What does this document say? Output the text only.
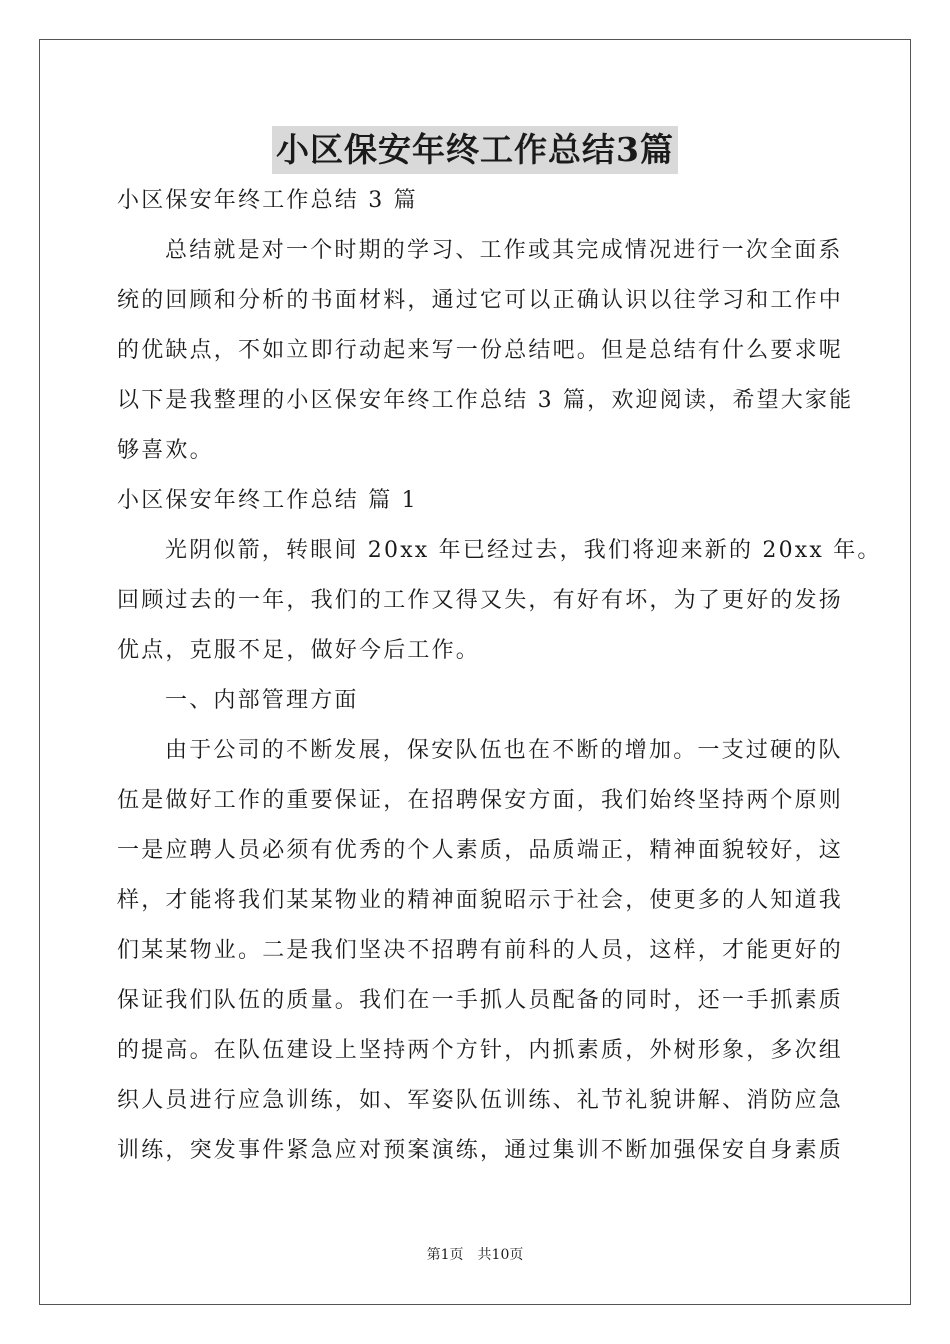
小区保安年终工作总结3篇
小区保安年终工作总结 3 篇
总结就是对一个时期的学习、工作或其完成情况进行一次全面系
统的回顾和分析的书面材料，通过它可以正确认识以往学习和工作中
的优缺点，不如立即行动起来写一份总结吧。但是总结有什么要求呢
以下是我整理的小区保安年终工作总结 3 篇，欢迎阅读，希望大家能
够喜欢。
小区保安年终工作总结 篇 1
光阴似箭，转眼间 20xx 年已经过去，我们将迎来新的 20xx 年。
回顾过去的一年，我们的工作又得又失，有好有坏，为了更好的发扬
优点，克服不足，做好今后工作。
一、内部管理方面
由于公司的不断发展，保安队伍也在不断的增加。一支过硬的队
伍是做好工作的重要保证，在招聘保安方面，我们始终坚持两个原则
一是应聘人员必须有优秀的个人素质，品质端正，精神面貌较好，这
样，才能将我们某某物业的精神面貌昭示于社会，使更多的人知道我
们某某物业。二是我们坚决不招聘有前科的人员，这样，才能更好的
保证我们队伍的质量。我们在一手抓人员配备的同时，还一手抓素质
的提高。在队伍建设上坚持两个方针，内抓素质，外树形象，多次组
织人员进行应急训练，如、军姿队伍训练、礼节礼貌讲解、消防应急
训练，突发事件紧急应对预案演练，通过集训不断加强保安自身素质
第1页　共10页
